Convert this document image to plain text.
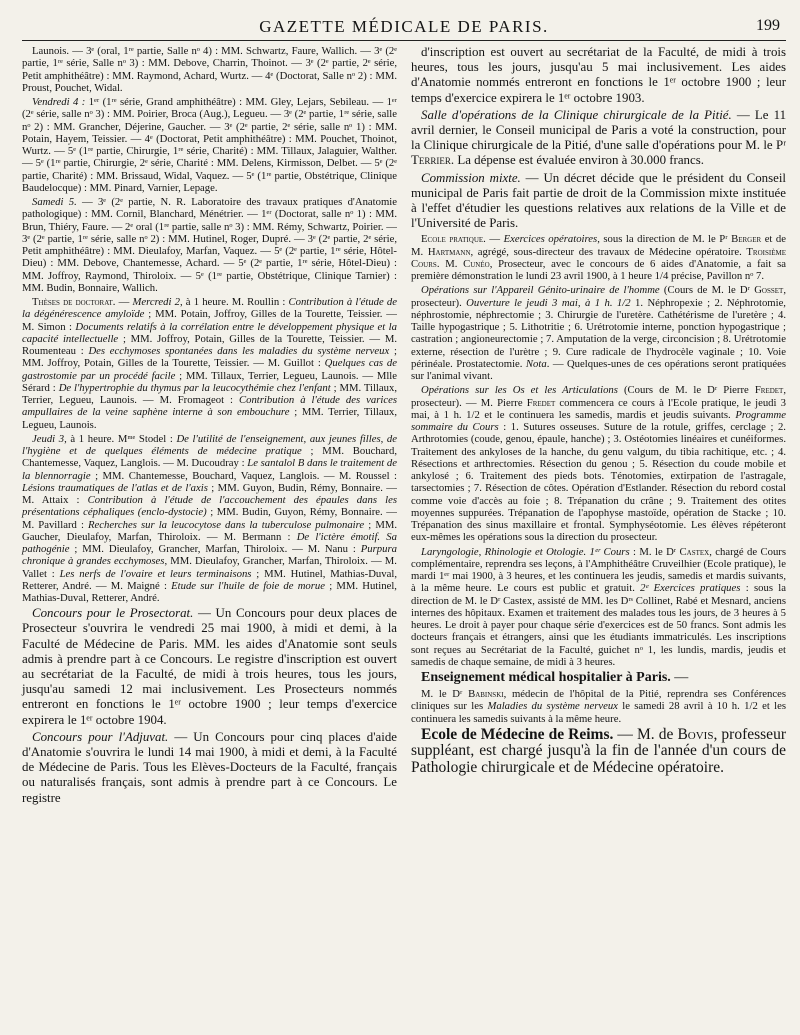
GAZETTE MÉDICALE DE PARIS.	199

Launois. — 3ᵉ (oral, 1ʳᵉ partie, Salle nᵒ 4) : MM. Schwartz, Faure, Wallich. — 3ᵉ (2ᵉ partie, 1ʳᵉ série, Salle nᵒ 3) : MM. Debove, Charrin, Thoinot. — 3ᵉ (2ᵉ partie, 2ᵉ série, Petit amphithéâtre) : MM. Raymond, Achard, Wurtz. — 4ᵉ (Doctorat, Salle nᵒ 2) : MM. Proust, Pouchet, Widal.

Vendredi 4 : 1ᵉʳ (1ʳᵉ série, Grand amphithéâtre) : MM. Gley, Lejars, Sebileau. — 1ᵉʳ (2ᵉ série, salle nᵒ 3) : MM. Poirier, Broca (Aug.), Legueu. — 3ᵉ (2ᵉ partie, 1ʳᵉ série, salle nᵒ 2) : MM. Grancher, Déjerine, Gaucher. — 3ᵉ (2ᵉ partie, 2ᵉ série, salle nᵒ 1) : MM. Potain, Hayem, Teissier. — 4ᵉ (Doctorat, Petit amphithéâtre) : MM. Pouchet, Thoinot, Wurtz. — 5ᵉ (1ʳᵉ partie, Chirurgie, 1ʳᵉ série, Charité) : MM. Tillaux, Jalaguier, Walther. — 5ᵉ (1ʳᵉ partie, Chirurgie, 2ᵉ série, Charité : MM. Delens, Kirmisson, Delbet. — 5ᵉ (2ᵉ partie, Charité) : MM. Brissaud, Widal, Vaquez. — 5ᵉ (1ʳᵉ partie, Obstétrique, Clinique Baudelocque) : MM. Pinard, Varnier, Lepage.

Samedi 5. — 3ᵉ (2ᵉ partie, N. R. Laboratoire des travaux pratiques d'Anatomie pathologique) : MM. Cornil, Blanchard, Ménétrier. — 1ᵉʳ (Doctorat, salle nᵒ 1) : MM. Brun, Thiéry, Faure. — 2ᵉ oral (1ʳᵉ partie, salle nᵒ 3) : MM. Rémy, Schwartz, Poirier. — 3ᵉ (2ᵉ partie, 1ʳᵉ série, salle nᵒ 2) : MM. Hutinel, Roger, Dupré. — 3ᵉ (2ᵉ partie, 2ᵉ série, Petit amphithéâtre) : MM. Dieulafoy, Marfan, Vaquez. — 5ᵉ (2ᵉ partie, 1ʳᵉ série, Hôtel-Dieu) : MM. Debove, Chantemesse, Achard. — 5ᵉ (2ᵉ partie, 1ʳᵉ série, Hôtel-Dieu) : MM. Joffroy, Raymond, Thiroloix. — 5ᵉ (1ʳᵉ partie, Obstétrique, Clinique Tarnier) : MM. Budin, Bonnaire, Wallich.

Thèses de doctorat. — Mercredi 2, à 1 heure. M. Roullin : Contribution à l'étude de la dégénérescence amyloïde ; MM. Potain, Joffroy, Gilles de la Tourette, Teissier. — M. Simon : Documents relatifs à la corrélation entre le développement physique et la capacité intellectuelle ; MM. Joffroy, Potain, Gilles de la Tourette, Teissier. — M. Roumenteau : Des ecchymoses spontanées dans les maladies du système nerveux ; MM. Joffroy, Potain, Gilles de la Tourette, Teissier. — M. Guillot : Quelques cas de gastrostomie par un procédé facile ; MM. Tillaux, Terrier, Legueu, Launois. — Mlle Sérard : De l'hypertrophie du thymus par la leucocythémie chez l'enfant ; MM. Tillaux, Terrier, Legueu, Launois. — M. Fromageot : Contribution à l'étude des varices ampullaires de la veine saphène interne à son embouchure ; MM. Terrier, Tillaux, Legueu, Launois.

Jeudi 3, à 1 heure. Mᵐᵉ Stodel : De l'utilité de l'enseignement, aux jeunes filles, de l'hygiène et de quelques éléments de médecine pratique ; MM. Bouchard, Chantemesse, Vaquez, Langlois. — M. Ducoudray : Le santalol B dans le traitement de la blennorragie ; MM. Chantemesse, Bouchard, Vaquez, Langlois. — M. Roussel : Lésions traumatiques de l'atlas et de l'axis ; MM. Guyon, Budin, Rémy, Bonnaire. — M. Attaix : Contribution à l'étude de l'accouchement des épaules dans les présentations céphaliques (enclo-dystocie) ; MM. Budin, Guyon, Rémy, Bonnaire. — M. Pavillard : Recherches sur la leucocytose dans la tuberculose pulmonaire ; MM. Gaucher, Dieulafoy, Marfan, Thiroloix. — M. Bermann : De l'ictère émotif. Sa pathogénie ; MM. Dieulafoy, Grancher, Marfan, Thiroloix. — M. Nanu : Purpura chronique à grandes ecchymoses, MM. Dieulafoy, Grancher, Marfan, Thiroloix. — M. Vallet : Les nerfs de l'ovaire et leurs terminaisons ; MM. Hutinel, Mathias-Duval, Retterer, André. — M. Maigné : Etude sur l'huile de foie de morue ; MM. Hutinel, Mathias-Duval, Retterer, André.

Concours pour le Prosectorat. — Un Concours pour deux places de Prosecteur s'ouvrira le vendredi 25 mai 1900, à midi et demi, à la Faculté de Médecine de Paris. MM. les aides d'Anatomie sont seuls admis à prendre part à ce Concours. Le registre d'inscription est ouvert au secrétariat de la Faculté, de midi à trois heures, tous les jours, jusqu'au samedi 12 mai inclusivement. Les Prosecteurs nommés entreront en fonctions le 1ᵉʳ octobre 1900 ; leur temps d'exercice expirera le 1ᵉʳ octobre 1904.

Concours pour l'Adjuvat. — Un Concours pour cinq places d'aide d'Anatomie s'ouvrira le lundi 14 mai 1900, à midi et demi, à la Faculté de Médecine de Paris. Tous les Elèves-Docteurs de la Faculté, français ou naturalisés français, sont admis à prendre part à ce Concours. Le registre

d'inscription est ouvert au secrétariat de la Faculté, de midi à trois heures, tous les jours, jusqu'au 5 mai inclusivement. Les aides d'Anatomie nommés entreront en fonctions le 1ᵉʳ octobre 1900 ; leur temps d'exercice expirera le 1ᵉʳ octobre 1903.

Salle d'opérations de la Clinique chirurgicale de la Pitié. — Le 11 avril dernier, le Conseil municipal de Paris a voté la construction, pour la Clinique chirurgicale de la Pitié, d'une salle d'opérations pour M. le Pʳ Terrier. La dépense est évaluée environ à 30.000 francs.

Commission mixte. — Un décret décide que le président du Conseil municipal de Paris fait partie de droit de la Commission mixte instituée à l'effet d'étudier les questions relatives aux relations de la Ville et de l'Université de Paris.

Ecole pratique. — Exercices opératoires, sous la direction de M. le Pʳ Berger et de M. Hartmann, agrégé, sous-directeur des travaux de Médecine opératoire. Troisième Cours. M. Cunéo, Prosecteur, avec le concours de 6 aides d'Anatomie, a fait sa première démonstration le lundi 23 avril 1900, à 1 heure 1/4 précise, Pavillon nᵒ 7.

Opérations sur l'Appareil Génito-urinaire de l'homme (Cours de M. le Dʳ Gosset, prosecteur). Ouverture le jeudi 3 mai, à 1 h. 1/2 1. Néphropexie ; 2. Néphrotomie, néphrostomie, néphrectomie ; 3. Chirurgie de l'uretère. Cathétérisme de l'uretère ; 4. Taille hypogastrique ; 5. Lithotritie ; 6. Urétrotomie interne, ponction hypogastrique ; castration ; angioneurectomie ; 7. Amputation de la verge, circoncision ; 8. Urétrotomie externe, résection de l'urètre ; 9. Cure radicale de l'hydrocèle vaginale ; 10. Voie périnéale. Prostatectomie. Nota. — Quelques-unes de ces opérations seront pratiquées sur l'animal vivant.

Opérations sur les Os et les Articulations (Cours de M. le Dʳ Pierre Fredet, prosecteur). — M. Pierre Fredet commencera ce cours à l'Ecole pratique, le jeudi 3 mai, à 1 h. 1/2 et le continuera les samedis, mardis et jeudis suivants. Programme sommaire du Cours : 1. Sutures osseuses. Suture de la rotule, griffes, cerclage ; 2. Arthrotomies (coude, genou, épaule, hanche) ; 3. Ostéotomies linéaires et cunéiformes. Traitement des ankyloses de la hanche, du genu valgum, du tibia rachitique, etc. ; 4. Résections et arthrectomies. Résection du genou ; 5. Résection du coude mobile et ankylosé ; 6. Traitement des pieds bots. Ténotomies, extirpation de l'astragale, tarsectomies ; 7. Résection de côtes. Opération d'Estlander. Résection du rebord costal comme voie d'accès au foie ; 8. Trépanation du crâne ; 9. Traitement des otites moyennes suppurées. Trépanation de l'apophyse mastoïde, opération de Stacke ; 10. Trépanation des sinus maxillaire et frontal. Symphyséotomie. Les élèves répéteront eux-mêmes les opérations sous la direction du prosecteur.

Laryngologie, Rhinologie et Otologie. 1ᵉʳ Cours : M. le Dʳ Castex, chargé de Cours complémentaire, reprendra ses leçons, à l'Amphithéâtre Cruveilhier (Ecole pratique), le mardi 1ᵉʳ mai 1900, à 3 heures, et les continuera les jeudis, samedis et mardis suivants, à la même heure. Le cours est public et gratuit. 2ᵉ Exercices pratiques : sous la direction de M. le Dʳ Castex, assisté de MM. les Dʳˢ Collinet, Rabé et Mesnard, anciens internes des hôpitaux. Examen et traitement des malades tous les jours, de 3 heures à 5 heures. Le droit à payer pour chaque série d'exercices est de 50 francs. Sont admis les docteurs français et étrangers, ainsi que les étudiants immatriculés. Les inscriptions sont reçues au Secrétariat de la Faculté, guichet nᵒ 1, les lundis, mardis, jeudis et samedis de chaque semaine, de midi à 3 heures.

Enseignement médical hospitalier à Paris. —

M. le Dʳ Babinski, médecin de l'hôpital de la Pitié, reprendra ses Conférences cliniques sur les Maladies du système nerveux le samedi 28 avril à 10 h. 1/2 et les continuera les samedis suivants à la même heure.

Ecole de Médecine de Reims. — M. de Bovis, professeur suppléant, est chargé jusqu'à la fin de l'année d'un cours de Pathologie chirurgicale et de Médecine opératoire.
